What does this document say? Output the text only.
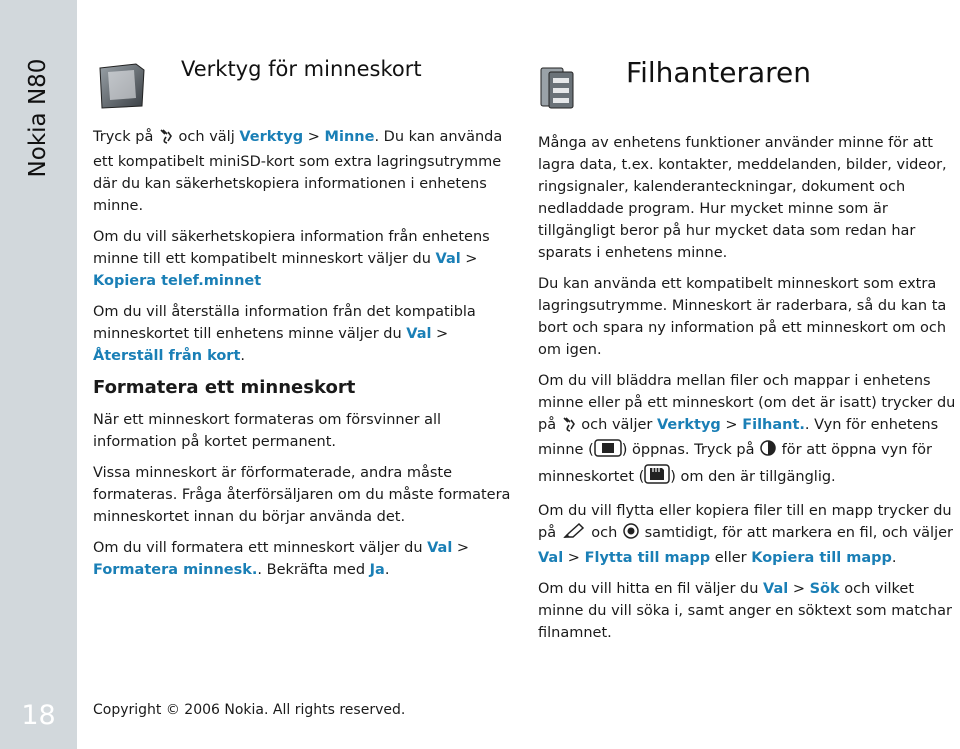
Nokia N80
18
Verktyg för minneskort	Filhanteraren

Tryck på  och välj Verktyg > Minne. Du kan använda ett kompatibelt miniSD-kort som extra lagringsutrymme där du kan säkerhetskopiera informationen i enhetens minne.

Om du vill säkerhetskopiera information från enhetens minne till ett kompatibelt minneskort väljer du Val > Kopiera telef.minnet

Om du vill återställa information från det kompatibla minneskortet till enhetens minne väljer du Val > Återställ från kort.

Formatera ett minneskort

När ett minneskort formateras om försvinner all information på kortet permanent.

Vissa minneskort är förformaterade, andra måste formateras. Fråga återförsäljaren om du måste formatera minneskortet innan du börjar använda det.

Om du vill formatera ett minneskort väljer du Val > Formatera minnesk.. Bekräfta med Ja.

Många av enhetens funktioner använder minne för att lagra data, t.ex. kontakter, meddelanden, bilder, videor, ringsignaler, kalenderanteckningar, dokument och nedladdade program. Hur mycket minne som är tillgängligt beror på hur mycket data som redan har sparats i enhetens minne.

Du kan använda ett kompatibelt minneskort som extra lagringsutrymme. Minneskort är raderbara, så du kan ta bort och spara ny information på ett minneskort om och om igen.

Om du vill bläddra mellan filer och mappar i enhetens minne eller på ett minneskort (om det är isatt) trycker du på  och väljer Verktyg > Filhant.. Vyn för enhetens minne ( ) öppnas. Tryck på  för att öppna vyn för minneskortet ( ) om den är tillgänglig.

Om du vill flytta eller kopiera filer till en mapp trycker du på  och  samtidigt, för att markera en fil, och väljer Val > Flytta till mapp eller Kopiera till mapp.

Om du vill hitta en fil väljer du Val > Sök och vilket minne du vill söka i, samt anger en söktext som matchar filnamnet.

Copyright © 2006 Nokia. All rights reserved.
